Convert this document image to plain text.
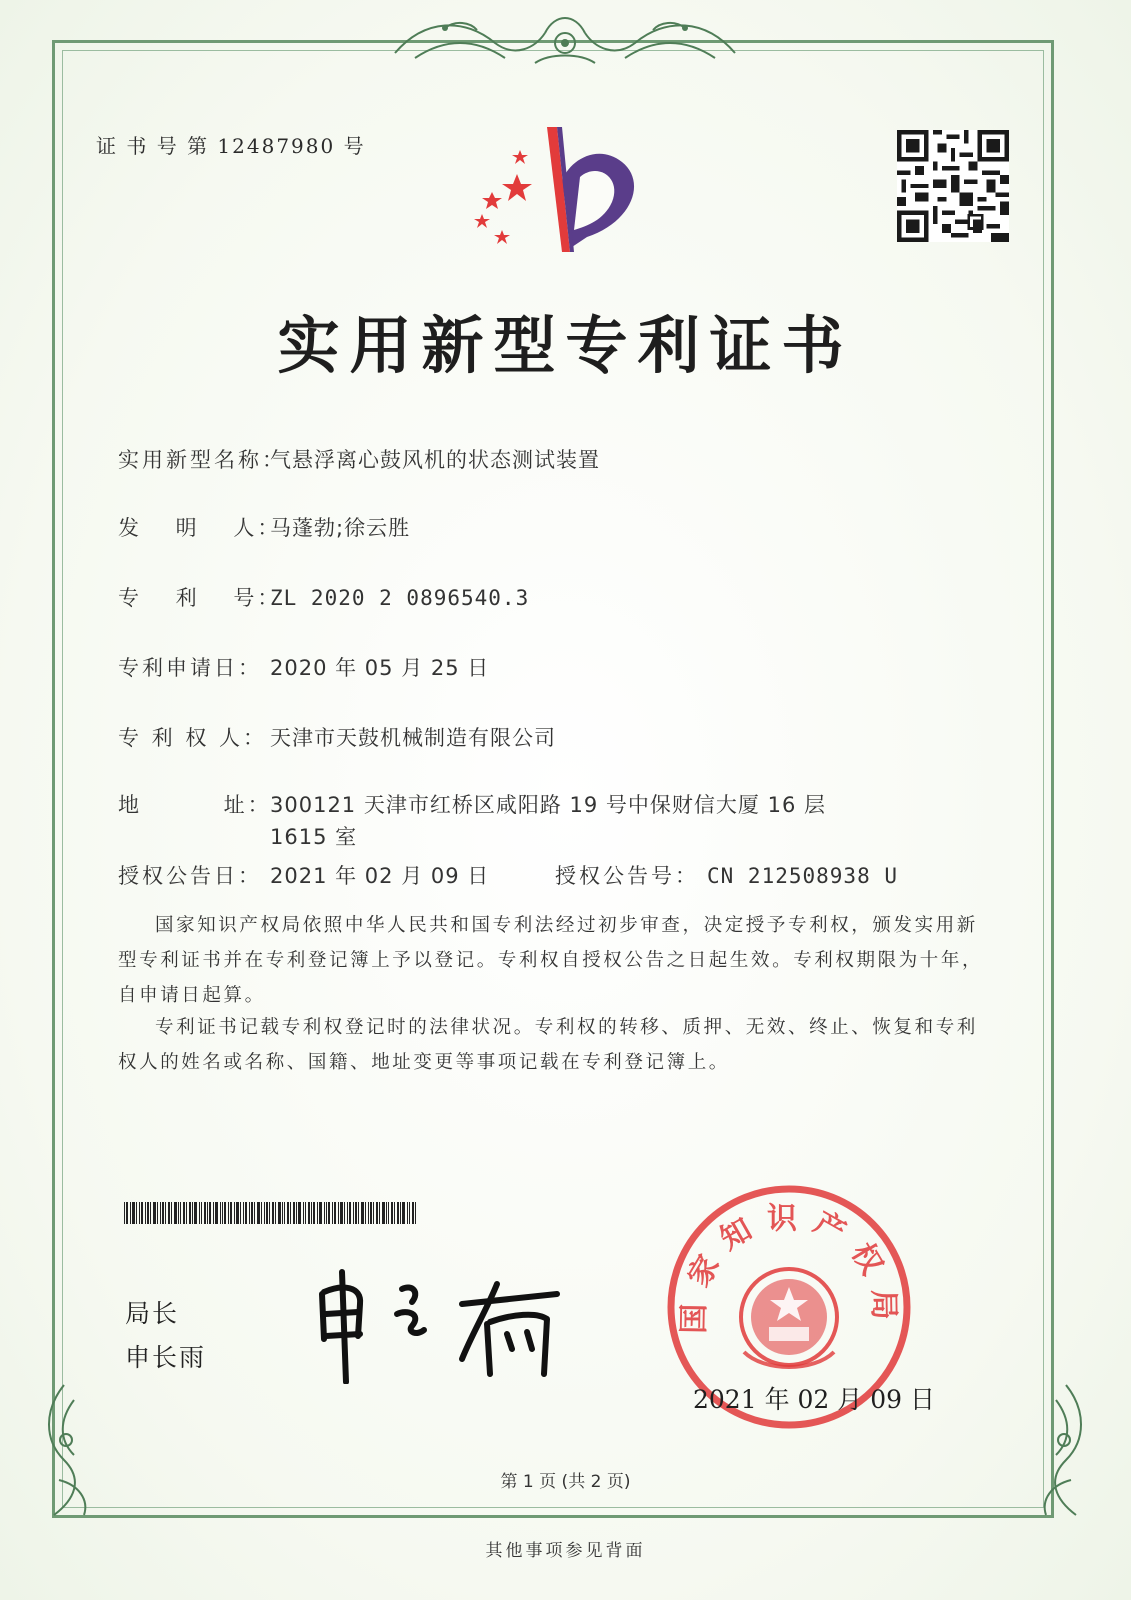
证 书 号 第 12487980 号
实用新型专利证书
实用新型名称：气悬浮离心鼓风机的状态测试装置
发　 明 　人：马蓬勃;徐云胜
专　 利　 号：ZL 2020 2 0896540.3
专利申请日： 2020 年 05 月 25 日
专 利 权 人： 天津市天鼓机械制造有限公司
地　　　 址：
300121 天津市红桥区咸阳路 19 号中保财信大厦 16 层 1615 室
授权公告日： 2021 年 02 月 09 日	授权公告号： CN 212508938 U
国家知识产权局依照中华人民共和国专利法经过初步审查，决定授予专利权，颁发实用新型专利证书并在专利登记簿上予以登记。专利权自授权公告之日起生效。专利权期限为十年，自申请日起算。
专利证书记载专利权登记时的法律状况。专利权的转移、质押、无效、终止、恢复和专利权人的姓名或名称、国籍、地址变更等事项记载在专利登记簿上。
局长
申长雨
国家知识产权局
2021 年 02 月 09 日
第 1 页 (共 2 页)
其他事项参见背面
